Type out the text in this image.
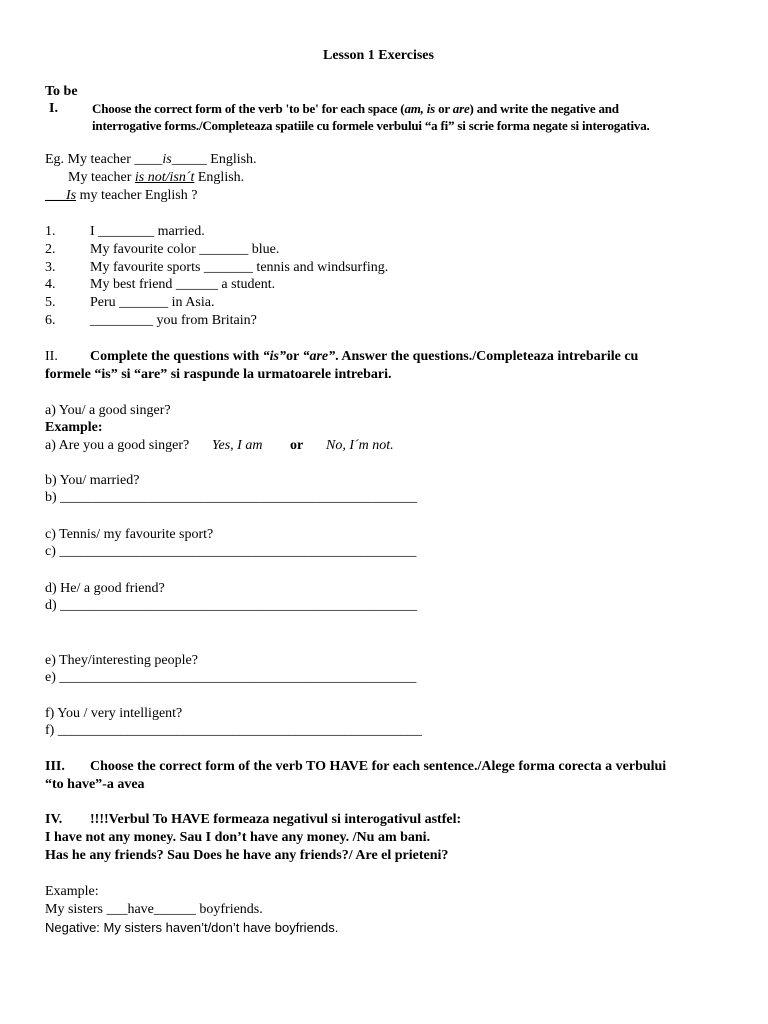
Lesson 1 Exercises
To be
I.	Choose the correct form of the verb 'to be' for each space (am, is or are) and write the negative and
interrogative forms./Completeaza spatiile cu formele verbului “a fi” si scrie forma negate si interogativa.
Eg. My teacher ____is_____ English.
My teacher is not/isn´t English.
___Is my teacher English ?
1. I ________ married.
2. My favourite color _______ blue.
3. My favourite sports _______ tennis and windsurfing.
4. My best friend ______ a student.
5. Peru _______ in Asia.
6. _________ you from Britain?
II. Complete the questions with “is”or “are”. Answer the questions./Completeaza intrebarile cu
formele “is” si “are” si raspunde la urmatoarele intrebari.
a) You/ a good singer?
Example:
a) Are you a good singer? Yes, I am or No, I´m not.
b) You/ married?
b) ___________________________________________________
c) Tennis/ my favourite sport?
c) ___________________________________________________
d) He/ a good friend?
d) ___________________________________________________
e) They/interesting people?
e) ___________________________________________________
f) You / very intelligent?
f) ____________________________________________________
III. Choose the correct form of the verb TO HAVE for each sentence./Alege forma corecta a verbului
“to have”-a avea
IV. !!!!Verbul To HAVE formeaza negativul si interogativul astfel:
I have not any money. Sau I don’t have any money. /Nu am bani.
Has he any friends? Sau Does he have any friends?/ Are el prieteni?
Example:
My sisters ___have______ boyfriends.
Negative: My sisters haven’t/don’t have boyfriends.
